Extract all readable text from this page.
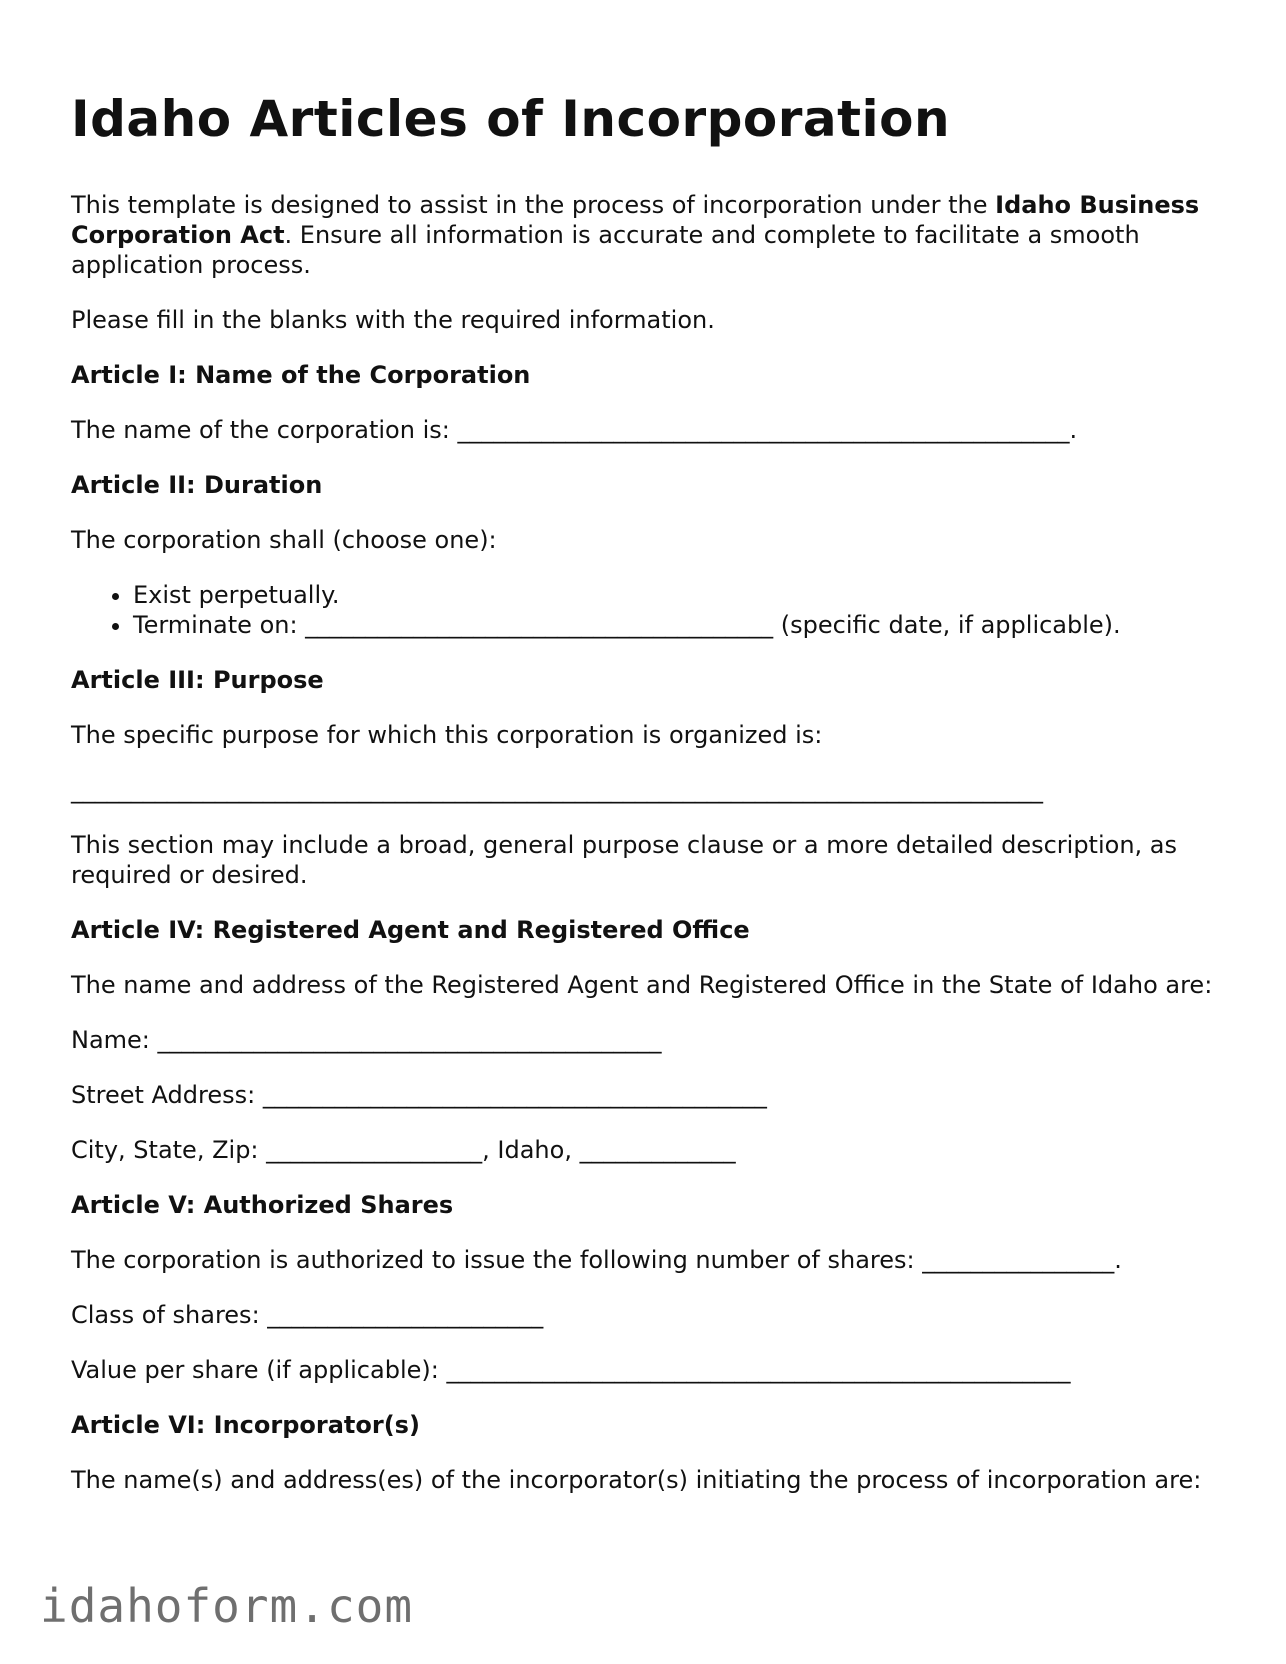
Idaho Articles of Incorporation

This template is designed to assist in the process of incorporation under the Idaho Business Corporation Act. Ensure all information is accurate and complete to facilitate a smooth application process.

Please fill in the blanks with the required information.

Article I: Name of the Corporation

The name of the corporation is: ___________________________________________________.

Article II: Duration

The corporation shall (choose one):

• Exist perpetually.
• Terminate on: _______________________________________ (specific date, if applicable).
Article III: Purpose

The specific purpose for which this corporation is organized is:

_________________________________________________________________________________

This section may include a broad, general purpose clause or a more detailed description, as required or desired.

Article IV: Registered Agent and Registered Office

The name and address of the Registered Agent and Registered Office in the State of Idaho are:

Name: __________________________________________

Street Address: __________________________________________

City, State, Zip: __________________, Idaho, _____________

Article V: Authorized Shares

The corporation is authorized to issue the following number of shares: ________________.

Class of shares: _______________________

Value per share (if applicable): ____________________________________________________

Article VI: Incorporator(s)

The name(s) and address(es) of the incorporator(s) initiating the process of incorporation are:

idahoform.com
